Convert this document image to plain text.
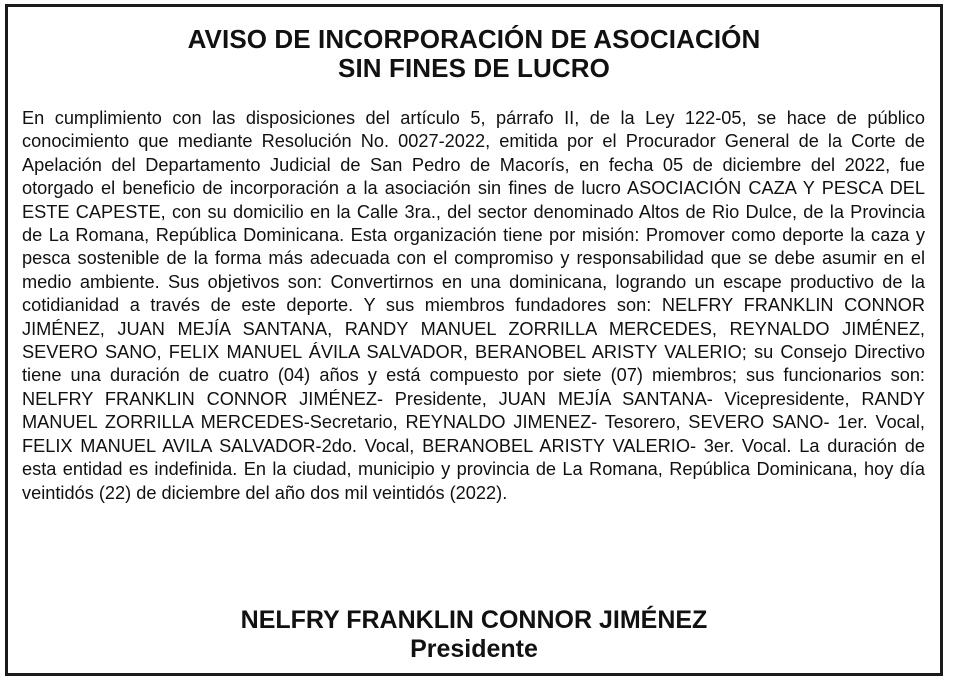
AVISO DE INCORPORACIÓN DE ASOCIACIÓN
SIN FINES DE LUCRO

En cumplimiento con las disposiciones del artículo 5, párrafo II, de la Ley 122-05, se hace de público conocimiento que mediante Resolución No. 0027-2022, emitida por el Procurador General de la Corte de Apelación del Departamento Judicial de San Pedro de Macorís, en fecha 05 de diciembre del 2022, fue otorgado el beneficio de incorporación a la asociación sin fines de lucro ASOCIACIÓN CAZA Y PESCA DEL ESTE CAPESTE, con su domicilio en la Calle 3ra., del sector denominado Altos de Rio Dulce, de la Provincia de La Romana, República Dominicana. Esta organización tiene por misión: Promover como deporte la caza y pesca sostenible de la forma más adecuada con el compromiso y responsabilidad que se debe asumir en el medio ambiente. Sus objetivos son: Convertirnos en una dominicana, logrando un escape productivo de la cotidianidad a través de este deporte. Y sus miembros fundadores son: NELFRY FRANKLIN CONNOR JIMÉNEZ, JUAN MEJÍA SANTANA, RANDY MANUEL ZORRILLA MERCEDES, REYNALDO JIMÉNEZ, SEVERO SANO, FELIX MANUEL ÁVILA SALVADOR, BERANOBEL ARISTY VALERIO; su Consejo Directivo tiene una duración de cuatro (04) años y está compuesto por siete (07) miembros; sus funcionarios son: NELFRY FRANKLIN CONNOR JIMÉNEZ- Presidente, JUAN MEJÍA SANTANA- Vicepresidente, RANDY MANUEL ZORRILLA MERCEDES-Secretario, REYNALDO JIMENEZ- Tesorero, SEVERO SANO- 1er. Vocal, FELIX MANUEL AVILA SALVADOR-2do. Vocal, BERANOBEL ARISTY VALERIO- 3er. Vocal. La duración de esta entidad es indefinida. En la ciudad, municipio y provincia de La Romana, República Dominicana, hoy día veintidós (22) de diciembre del año dos mil veintidós (2022).

NELFRY FRANKLIN CONNOR JIMÉNEZ
Presidente
